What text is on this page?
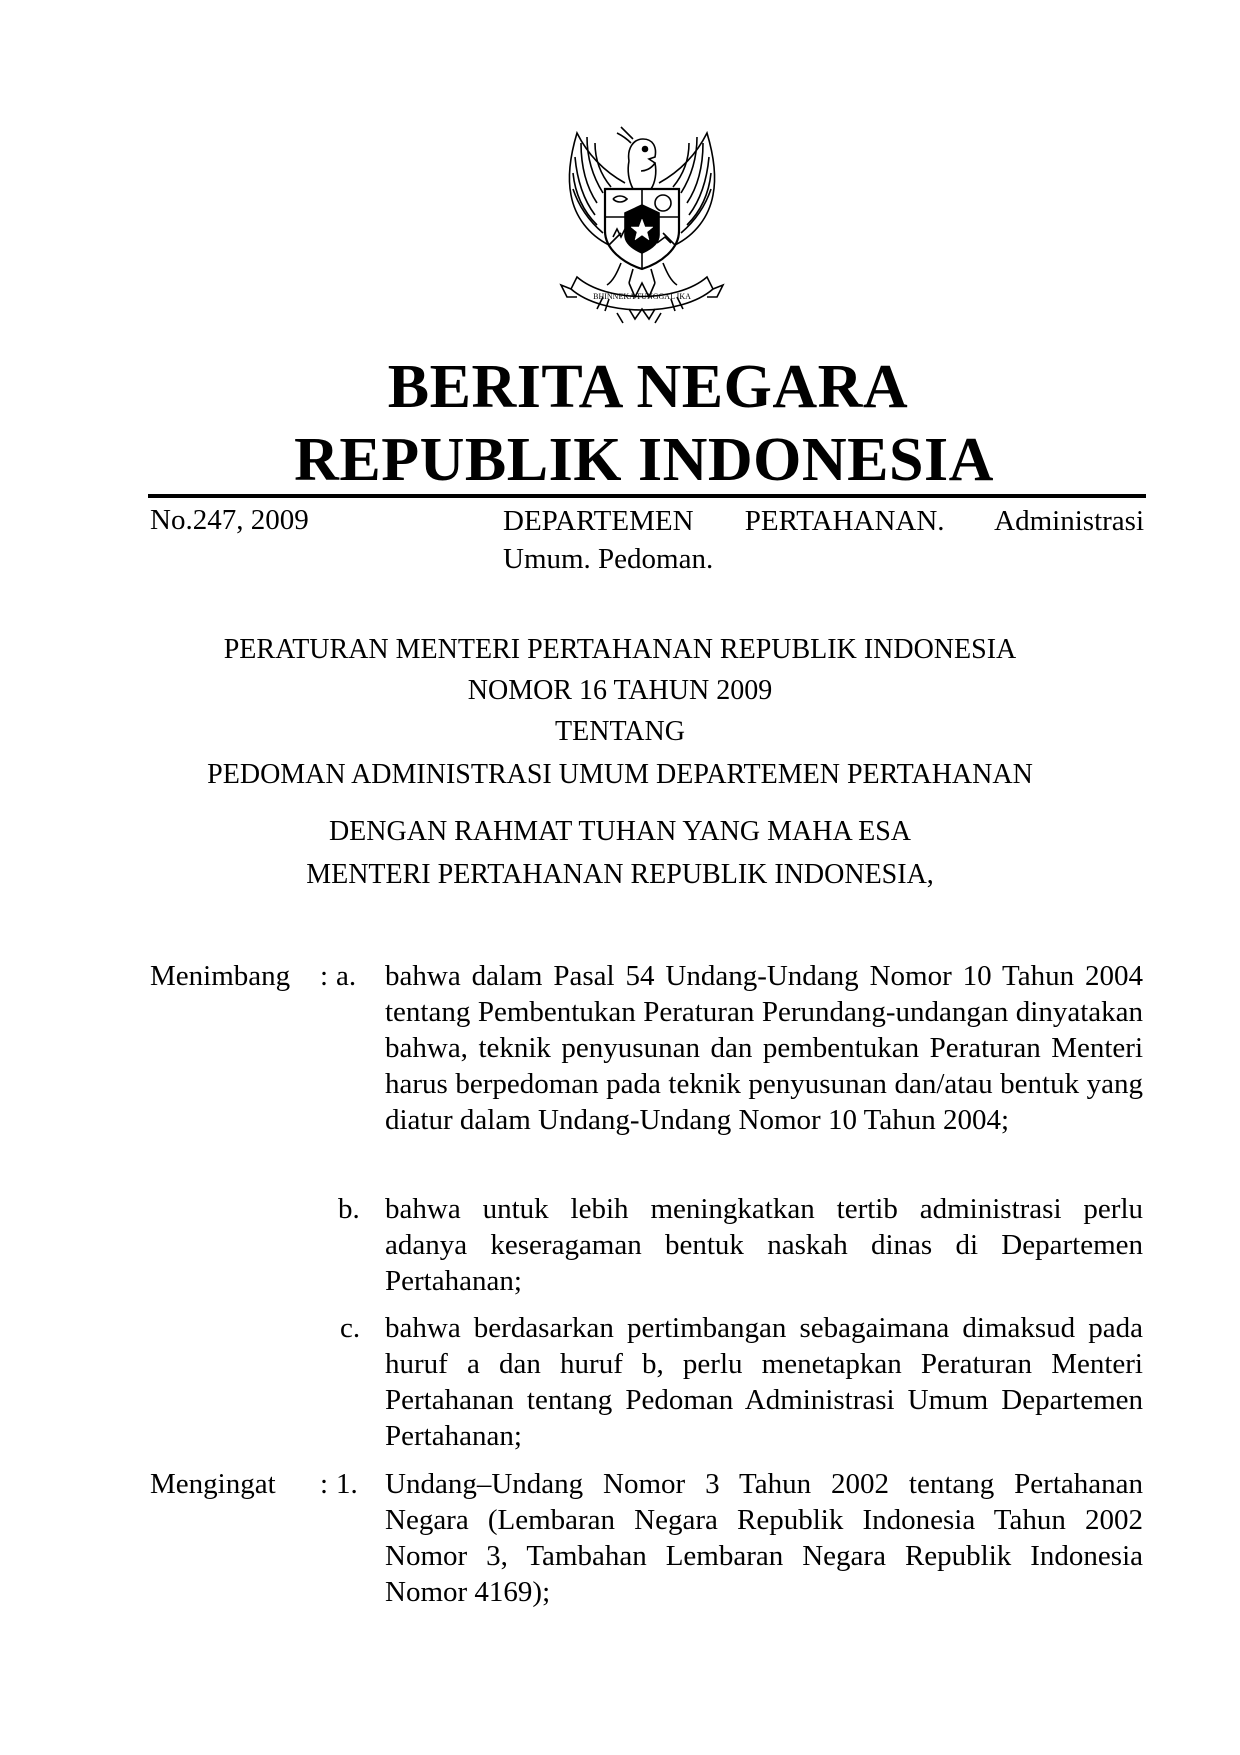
BHINNEKA TUNGGAL IKA
BERITA NEGARA
REPUBLIK INDONESIA
No.247, 2009	DEPARTEMEN PERTAHANAN. Administrasi
Umum. Pedoman.
PERATURAN MENTERI PERTAHANAN REPUBLIK INDONESIA
NOMOR 16 TAHUN 2009
TENTANG
PEDOMAN ADMINISTRASI UMUM DEPARTEMEN PERTAHANAN
DENGAN RAHMAT TUHAN YANG MAHA ESA
MENTERI PERTAHANAN REPUBLIK INDONESIA,
Menimbang : a. bahwa dalam Pasal 54 Undang-Undang Nomor 10 Tahun 2004 tentang Pembentukan Peraturan Perundang-undangan dinyatakan bahwa, teknik penyusunan dan pembentukan Peraturan Menteri harus berpedoman pada teknik penyusunan dan/atau bentuk yang diatur dalam Undang-Undang Nomor 10 Tahun 2004;

b. bahwa untuk lebih meningkatkan tertib administrasi perlu adanya keseragaman bentuk naskah dinas di Departemen Pertahanan;

c. bahwa berdasarkan pertimbangan sebagaimana dimaksud pada huruf a dan huruf b, perlu menetapkan Peraturan Menteri Pertahanan tentang Pedoman Administrasi Umum Departemen Pertahanan;

Mengingat : 1. Undang–Undang Nomor 3 Tahun 2002 tentang Pertahanan Negara (Lembaran Negara Republik Indonesia Tahun 2002 Nomor 3, Tambahan Lembaran Negara Republik Indonesia Nomor 4169);
